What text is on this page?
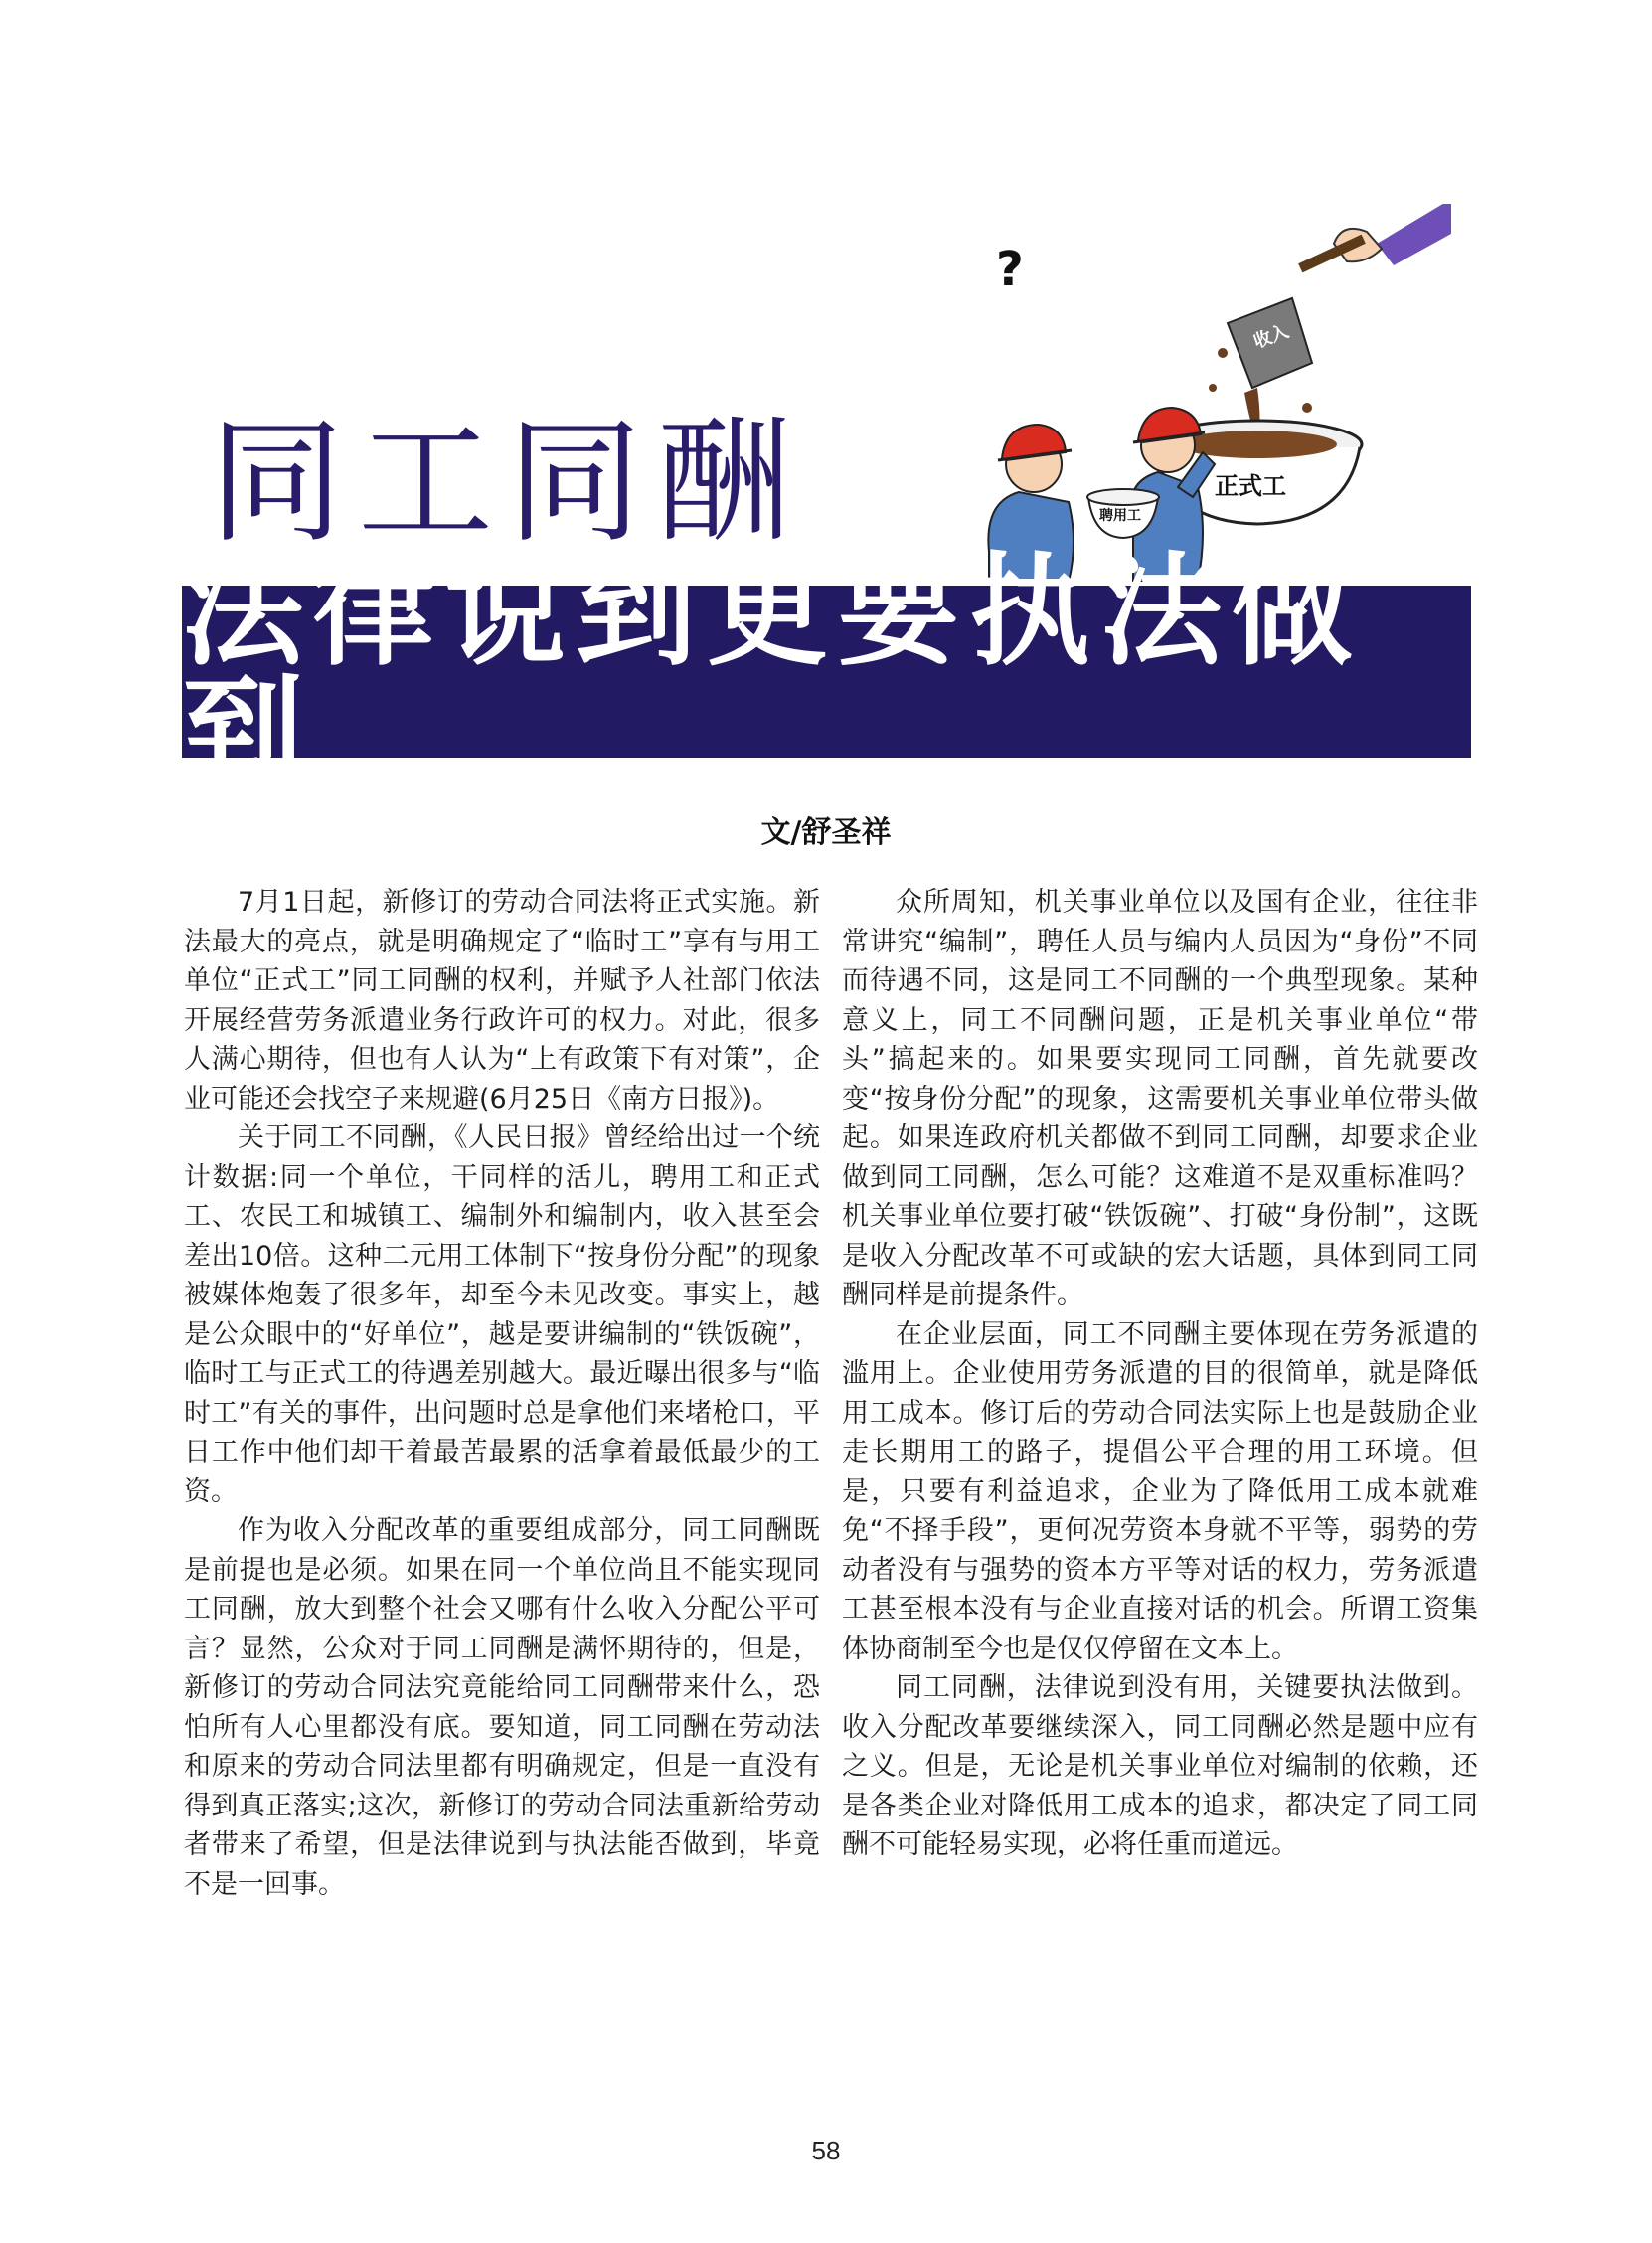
同工同酬
收入
正式工
?
聘用工
法律说到更要执法做到
文/舒圣祥

7月1日起，新修订的劳动合同法将正式实施。新法最大的亮点，就是明确规定了“临时工”享有与用工单位“正式工”同工同酬的权利，并赋予人社部门依法开展经营劳务派遣业务行政许可的权力。对此，很多人满心期待，但也有人认为“上有政策下有对策”，企业可能还会找空子来规避(6月25日《南方日报》)。

关于同工不同酬，《人民日报》曾经给出过一个统计数据:同一个单位，干同样的活儿，聘用工和正式工、农民工和城镇工、编制外和编制内，收入甚至会差出10倍。这种二元用工体制下“按身份分配”的现象被媒体炮轰了很多年，却至今未见改变。事实上，越是公众眼中的“好单位”，越是要讲编制的“铁饭碗”，临时工与正式工的待遇差别越大。最近曝出很多与“临时工”有关的事件，出问题时总是拿他们来堵枪口，平日工作中他们却干着最苦最累的活拿着最低最少的工资。

作为收入分配改革的重要组成部分，同工同酬既是前提也是必须。如果在同一个单位尚且不能实现同工同酬，放大到整个社会又哪有什么收入分配公平可言？显然，公众对于同工同酬是满怀期待的，但是，新修订的劳动合同法究竟能给同工同酬带来什么，恐怕所有人心里都没有底。要知道，同工同酬在劳动法和原来的劳动合同法里都有明确规定，但是一直没有得到真正落实;这次，新修订的劳动合同法重新给劳动者带来了希望，但是法律说到与执法能否做到，毕竟不是一回事。

众所周知，机关事业单位以及国有企业，往往非常讲究“编制”，聘任人员与编内人员因为“身份”不同而待遇不同，这是同工不同酬的一个典型现象。某种意义上，同工不同酬问题，正是机关事业单位“带头”搞起来的。如果要实现同工同酬，首先就要改变“按身份分配”的现象，这需要机关事业单位带头做起。如果连政府机关都做不到同工同酬，却要求企业做到同工同酬，怎么可能？这难道不是双重标准吗？机关事业单位要打破“铁饭碗”、打破“身份制”，这既是收入分配改革不可或缺的宏大话题，具体到同工同酬同样是前提条件。

在企业层面，同工不同酬主要体现在劳务派遣的滥用上。企业使用劳务派遣的目的很简单，就是降低用工成本。修订后的劳动合同法实际上也是鼓励企业走长期用工的路子，提倡公平合理的用工环境。但是，只要有利益追求，企业为了降低用工成本就难免“不择手段”，更何况劳资本身就不平等，弱势的劳动者没有与强势的资本方平等对话的权力，劳务派遣工甚至根本没有与企业直接对话的机会。所谓工资集体协商制至今也是仅仅停留在文本上。

同工同酬，法律说到没有用，关键要执法做到。收入分配改革要继续深入，同工同酬必然是题中应有之义。但是，无论是机关事业单位对编制的依赖，还是各类企业对降低用工成本的追求，都决定了同工同酬不可能轻易实现，必将任重而道远。

58
